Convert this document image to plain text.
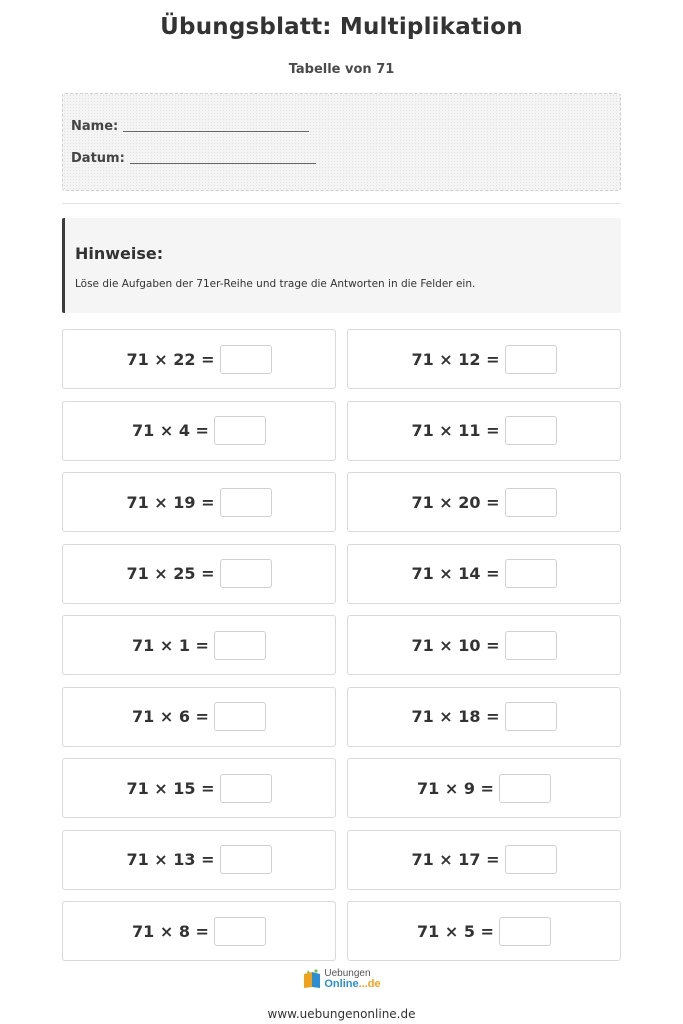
Übungsblatt: Multiplikation
Tabelle von 71
Name:
Datum:
Hinweise:
Löse die Aufgaben der 71er-Reihe und trage die Antworten in die Felder ein.
71 × 22 =	71 × 12 =
71 × 4 =	71 × 11 =
71 × 19 =	71 × 20 =
71 × 25 =	71 × 14 =
71 × 1 =	71 × 10 =
71 × 6 =	71 × 18 =
71 × 15 =	71 × 9 =
71 × 13 =	71 × 17 =
71 × 8 =	71 × 5 =
Uebungen
Online...de
www.uebungenonline.de
